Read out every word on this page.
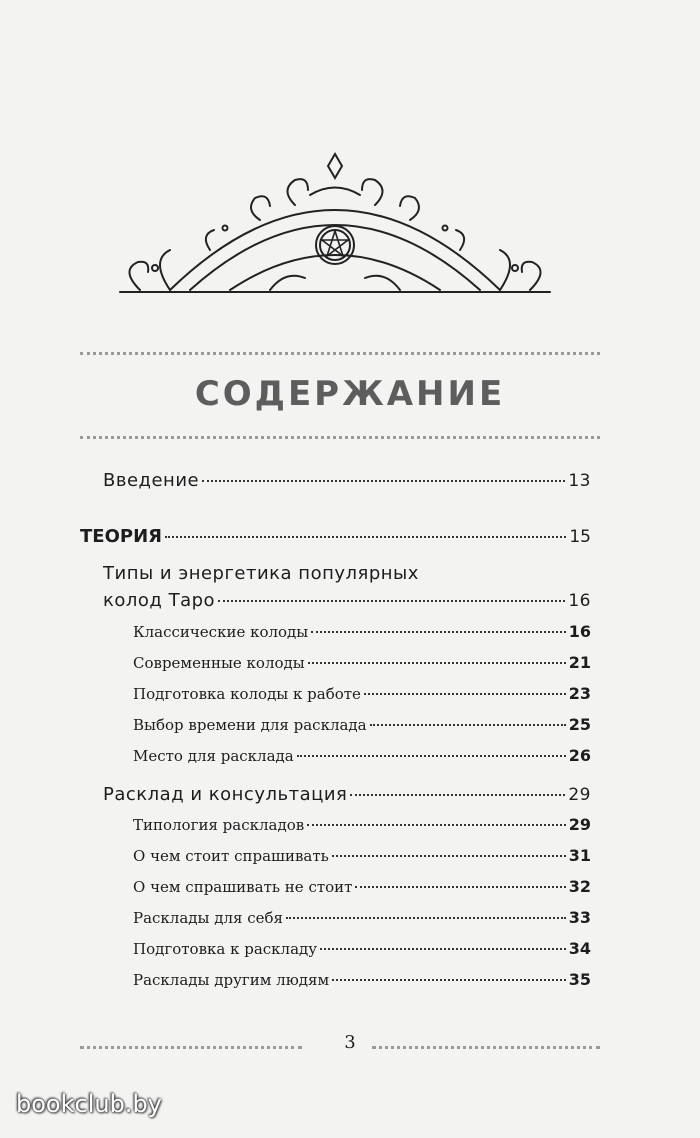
СОДЕРЖАНИЕ
Введение	13
ТЕОРИЯ	15
Типы и энергетика популярных
колод Таро	16
Классические колоды	16
Современные колоды	21
Подготовка колоды к работе	23
Выбор времени для расклада	25
Место для расклада	26
Расклад и консультация	29
Типология раскладов	29
О чем стоит спрашивать	31
О чем спрашивать не стоит	32
Расклады для себя	33
Подготовка к раскладу	34
Расклады другим людям	35
3
bookclub.by
